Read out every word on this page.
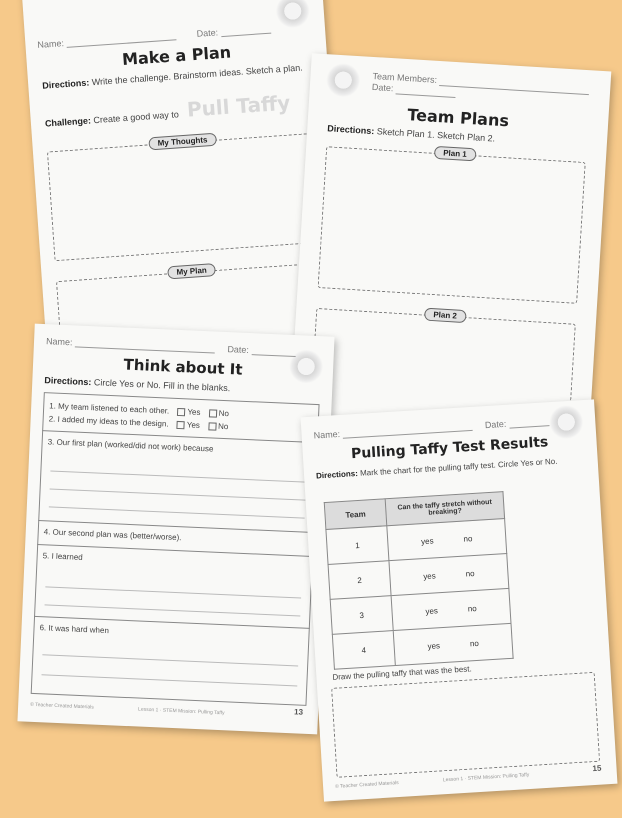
Name:  Date:
Make a Plan
Directions: Write the challenge. Brainstorm ideas. Sketch a plan.
Challenge: Create a good way to Pull Taffy
My Thoughts
My Plan
Team Members:
Date:
Team Plans
Directions: Sketch Plan 1. Sketch Plan 2.
Plan 1
Plan 2
Name:  Date:
Think about It
Directions: Circle Yes or No. Fill in the blanks.
1. My team listened to each other. Yes No
2. I added my ideas to the design. Yes No
3. Our first plan (worked/did not work) because
4. Our second plan was (better/worse).
5. I learned
6. It was hard when
© Teacher Created Materials
Lesson 1 · STEM Mission: Pulling Taffy	13
Name:  Date:
Pulling Taffy Test Results
Directions: Mark the chart for the pulling taffy test. Circle Yes or No.
Team	Can the taffy stretch without breaking?
1	yes no
2	yes no
3	yes no
4	yes no
Draw the pulling taffy that was the best.
© Teacher Created Materials
Lesson 1 · STEM Mission: Pulling Taffy
15
